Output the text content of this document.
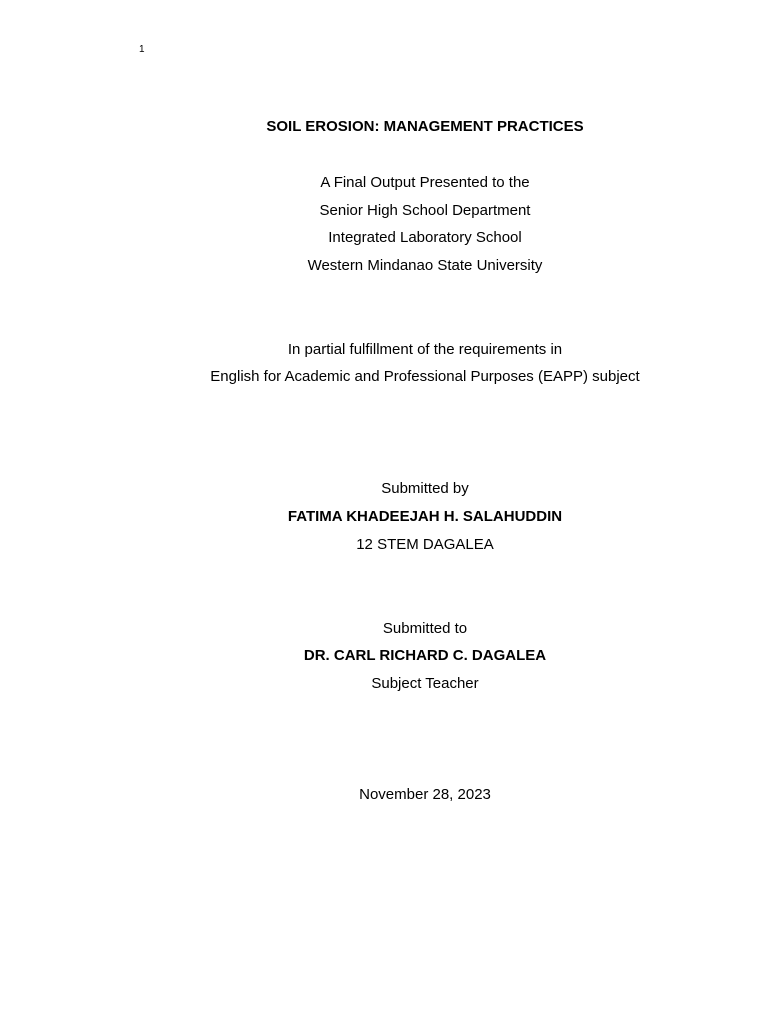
1
SOIL EROSION: MANAGEMENT PRACTICES
A Final Output Presented to the
Senior High School Department
Integrated Laboratory School
Western Mindanao State University
In partial fulfillment of the requirements in
English for Academic and Professional Purposes (EAPP) subject
Submitted by
FATIMA KHADEEJAH H. SALAHUDDIN
12 STEM DAGALEA
Submitted to
DR. CARL RICHARD C. DAGALEA
Subject Teacher
November 28, 2023
